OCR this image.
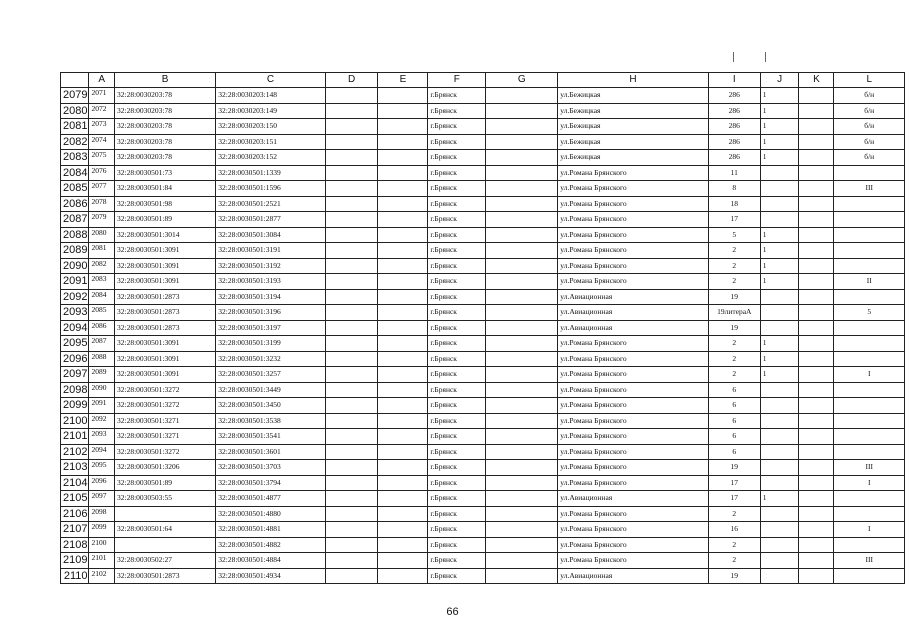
	A	B	C	D	E	F	G	H	I	J	K	L
2079	2071	32:28:0030203:78	32:28:0030203:148			г.Брянск		ул.Бежицкая	286	1		б/н
2080	2072	32:28:0030203:78	32:28:0030203:149			г.Брянск		ул.Бежицкая	286	1		б/н
2081	2073	32:28:0030203:78	32:28:0030203:150			г.Брянск		ул.Бежицкая	286	1		б/н
2082	2074	32:28:0030203:78	32:28:0030203:151			г.Брянск		ул.Бежицкая	286	1		б/н
2083	2075	32:28:0030203:78	32:28:0030203:152			г.Брянск		ул.Бежицкая	286	1		б/н
2084	2076	32:28:0030501:73	32:28:0030501:1339			г.Брянск		ул.Романа Брянского	11			
2085	2077	32:28:0030501:84	32:28:0030501:1596			г.Брянск		ул.Романа Брянского	8			III
2086	2078	32:28:0030501:98	32:28:0030501:2521			г.Брянск		ул.Романа Брянского	18			
2087	2079	32:28:0030501:89	32:28:0030501:2877			г.Брянск		ул.Романа Брянского	17			
2088	2080	32:28:0030501:3014	32:28:0030501:3084			г.Брянск		ул.Романа Брянского	5	1		
2089	2081	32:28:0030501:3091	32:28:0030501:3191			г.Брянск		ул.Романа Брянского	2	1		
2090	2082	32:28:0030501:3091	32:28:0030501:3192			г.Брянск		ул.Романа Брянского	2	1		
2091	2083	32:28:0030501:3091	32:28:0030501:3193			г.Брянск		ул.Романа Брянского	2	1		II
2092	2084	32:28:0030501:2873	32:28:0030501:3194			г.Брянск		ул.Авиационная	19			
2093	2085	32:28:0030501:2873	32:28:0030501:3196			г.Брянск		ул.Авиационная	19литераА			5
2094	2086	32:28:0030501:2873	32:28:0030501:3197			г.Брянск		ул.Авиационная	19			
2095	2087	32:28:0030501:3091	32:28:0030501:3199			г.Брянск		ул.Романа Брянского	2	1		
2096	2088	32:28:0030501:3091	32:28:0030501:3232			г.Брянск		ул.Романа Брянского	2	1		
2097	2089	32:28:0030501:3091	32:28:0030501:3257			г.Брянск		ул.Романа Брянского	2	1		I
2098	2090	32:28:0030501:3272	32:28:0030501:3449			г.Брянск		ул.Романа Брянского	6			
2099	2091	32:28:0030501:3272	32:28:0030501:3450			г.Брянск		ул.Романа Брянского	6			
2100	2092	32:28:0030501:3271	32:28:0030501:3538			г.Брянск		ул.Романа Брянского	6			
2101	2093	32:28:0030501:3271	32:28:0030501:3541			г.Брянск		ул.Романа Брянского	6			
2102	2094	32:28:0030501:3272	32:28:0030501:3601			г.Брянск		ул.Романа Брянского	6			
2103	2095	32:28:0030501:3206	32:28:0030501:3703			г.Брянск		ул.Романа Брянского	19			III
2104	2096	32:28:0030501:89	32:28:0030501:3794			г.Брянск		ул.Романа Брянского	17			I
2105	2097	32:28:0030503:55	32:28:0030501:4877			г.Брянск		ул.Авиационная	17	1		
2106	2098		32:28:0030501:4880			г.Брянск		ул.Романа Брянского	2			
2107	2099	32:28:0030501:64	32:28:0030501:4881			г.Брянск		ул.Романа Брянского	16			I
2108	2100		32:28:0030501:4882			г.Брянск		ул.Романа Брянского	2			
2109	2101	32:28:0030502:27	32:28:0030501:4884			г.Брянск		ул.Романа Брянского	2			III
2110	2102	32:28:0030501:2873	32:28:0030501:4934			г.Брянск		ул.Авиационная	19			
66
